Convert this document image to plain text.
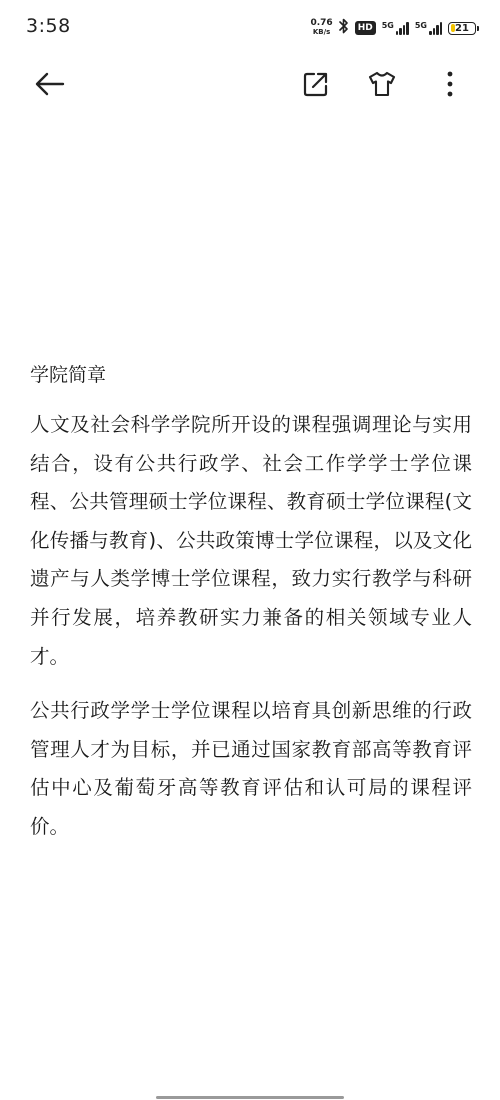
3:58	0.76
KB/s	HD	5G	5G	21
学院简章

人文及社会科学学院所开设的课程强调理论与实用结合，设有公共行政学、社会工作学学士学位课程、公共管理硕士学位课程、教育硕士学位课程(文化传播与教育)、公共政策博士学位课程，以及文化遗产与人类学博士学位课程，致力实行教学与科研并行发展，培养教研实力兼备的相关领域专业人才。

公共行政学学士学位课程以培育具创新思维的行政管理人才为目标，并已通过国家教育部高等教育评估中心及葡萄牙高等教育评估和认可局的课程评价。
